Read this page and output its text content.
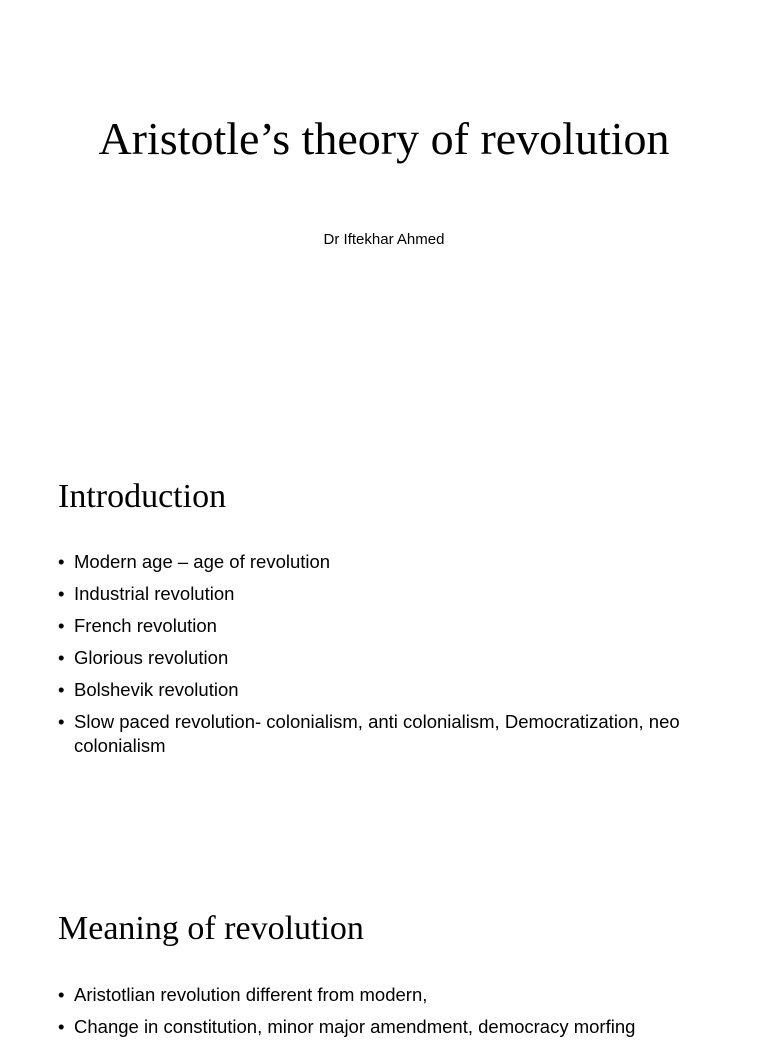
Aristotle’s theory of revolution

Dr Iftekhar Ahmed

Introduction
• Modern age – age of revolution
• Industrial revolution
• French revolution
• Glorious revolution
• Bolshevik revolution
• Slow paced revolution- colonialism, anti colonialism, Democratization, neo colonialism
Meaning of revolution
• Aristotlian revolution different from modern,
• Change in constitution, minor major amendment, democracy morfing
